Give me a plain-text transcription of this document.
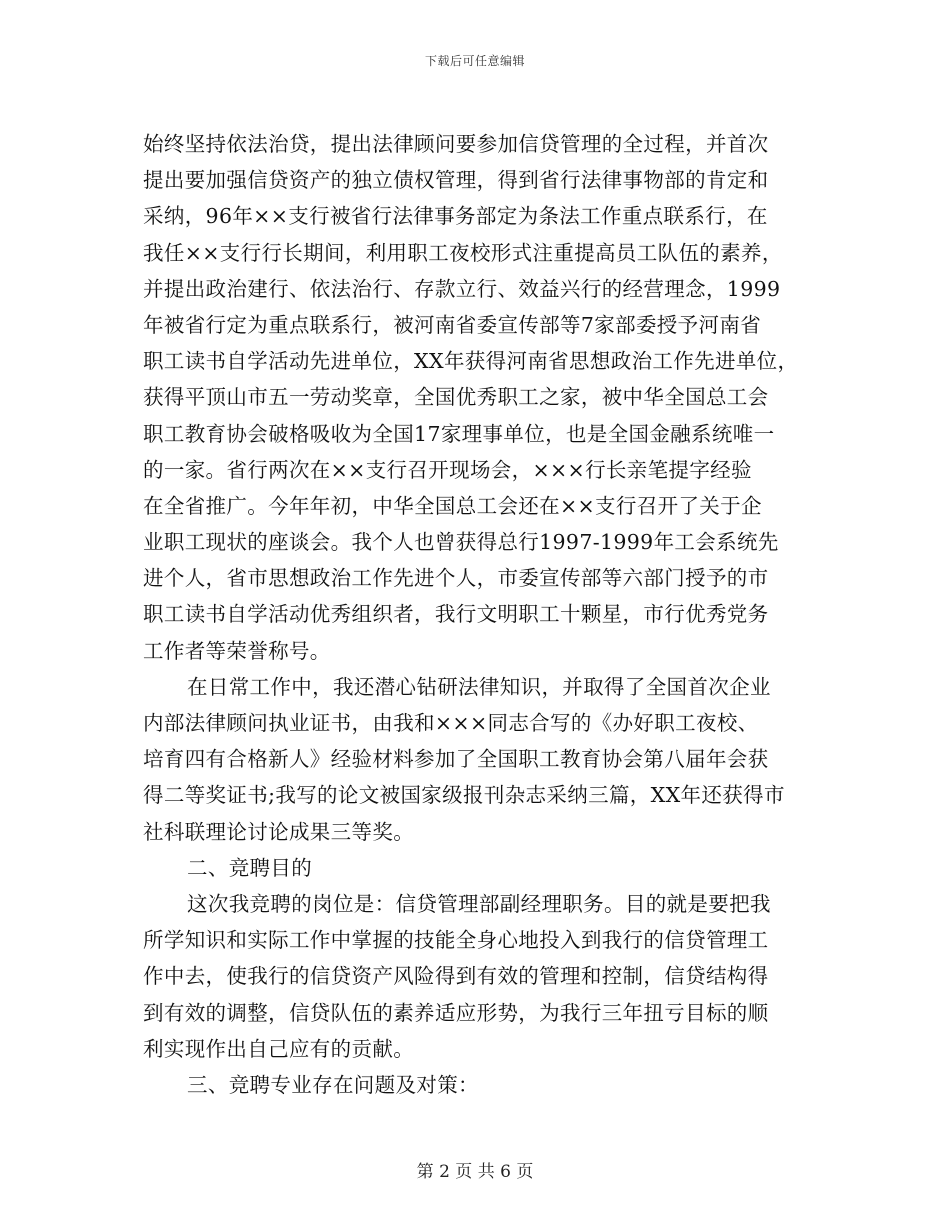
下载后可任意编辑
始终坚持依法治贷，提出法律顾问要参加信贷管理的全过程，并首次
提出要加强信贷资产的独立债权管理，得到省行法律事物部的肯定和
采纳，96年××支行被省行法律事务部定为条法工作重点联系行，在
我任××支行行长期间，利用职工夜校形式注重提高员工队伍的素养，
并提出政治建行、依法治行、存款立行、效益兴行的经营理念，1999
年被省行定为重点联系行，被河南省委宣传部等7家部委授予河南省
职工读书自学活动先进单位，XX年获得河南省思想政治工作先进单位，
获得平顶山市五一劳动奖章，全国优秀职工之家，被中华全国总工会
职工教育协会破格吸收为全国17家理事单位，也是全国金融系统唯一
的一家。省行两次在××支行召开现场会，×××行长亲笔提字经验
在全省推广。今年年初，中华全国总工会还在××支行召开了关于企
业职工现状的座谈会。我个人也曾获得总行1997-1999年工会系统先
进个人，省市思想政治工作先进个人，市委宣传部等六部门授予的市
职工读书自学活动优秀组织者，我行文明职工十颗星，市行优秀党务
工作者等荣誉称号。
在日常工作中，我还潜心钻研法律知识，并取得了全国首次企业
内部法律顾问执业证书，由我和×××同志合写的《办好职工夜校、
培育四有合格新人》经验材料参加了全国职工教育协会第八届年会获
得二等奖证书;我写的论文被国家级报刊杂志采纳三篇，XX年还获得市
社科联理论讨论成果三等奖。
二、竞聘目的
这次我竞聘的岗位是：信贷管理部副经理职务。目的就是要把我
所学知识和实际工作中掌握的技能全身心地投入到我行的信贷管理工
作中去，使我行的信贷资产风险得到有效的管理和控制，信贷结构得
到有效的调整，信贷队伍的素养适应形势，为我行三年扭亏目标的顺
利实现作出自己应有的贡献。
三、竞聘专业存在问题及对策：
第 2 页 共 6 页
